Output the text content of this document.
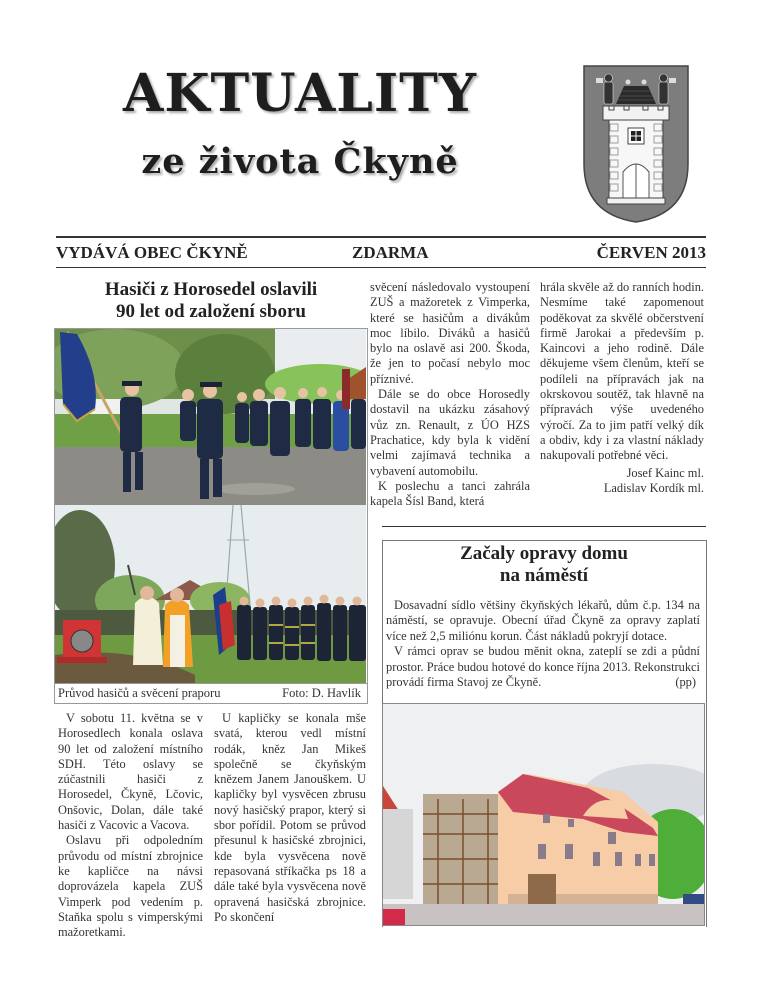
AKTUALITY
ze života Čkyně
VYDÁVÁ OBEC ČKYNĚ	ZDARMA	ČERVEN 2013
Hasiči z Horosedel oslavili
90 let od založení sboru
Průvod hasičů a svěcení praporu	Foto: D. Havlík

V sobotu 11. května se v Horosedlech konala oslava 90 let od založení místního SDH. Této oslavy se zúčastnili hasiči z Horosedel, Čkyně, Lčovic, Onšovic, Dolan, dále také hasiči z Vacovic a Vacova.

Oslavu při odpoledním průvodu od místní zbrojnice ke kapličce na návsi doprovázela kapela ZUŠ Vimperk pod vedením p. Staňka spolu s vimperskými mažoretkami.

U kapličky se konala mše svatá, kterou vedl místní rodák, kněz Jan Mikeš společně se čkyňským knězem Janem Janouškem. U kapličky byl vysvěcen zbrusu nový hasičský prapor, který si sbor pořídil. Potom se průvod přesunul k hasičské zbrojnici, kde byla vysvěcena nově repasovaná stříkačka ps 18 a dále také byla vysvěcena nově opravená hasičská zbrojnice. Po skončení

svěcení následovalo vystoupení ZUŠ a mažoretek z Vimperka, které se hasičům a divákům moc líbilo. Diváků a hasičů bylo na oslavě asi 200. Škoda, že jen to počasí nebylo moc příznivé.

Dále se do obce Horosedly dostavil na ukázku zásahový vůz zn. Renault, z ÚO HZS Prachatice, kdy byla k vidění velmi zajímavá technika a vybavení automobilu.

K poslechu a tanci zahrála kapela Šísl Band, která

hrála skvěle až do ranních hodin. Nesmíme také zapomenout poděkovat za skvělé občerstvení firmě Jarokai a především p. Kaincovi a jeho rodině. Dále děkujeme všem členům, kteří se podíleli na přípravách jak na okrskovou soutěž, tak hlavně na přípravách výše uvedeného výročí. Za to jim patří velký dík a obdiv, kdy i za vlastní náklady nakupovali potřebné věci.

Josef Kainc ml.

Ladislav Kordík ml.

Začaly opravy domu
na náměstí

Dosavadní sídlo většiny čkyňských lékařů, dům č.p. 134 na náměstí, se opravuje. Obecní úřad Čkyně za opravy zaplatí více než 2,5 miliónu korun. Část nákladů pokryjí dotace.

V rámci oprav se budou měnit okna, zateplí se zdi a půdní prostor. Práce budou hotové do konce října 2013. Rekonstrukci provádí firma Stavoj ze Čkyně.	(pp)
